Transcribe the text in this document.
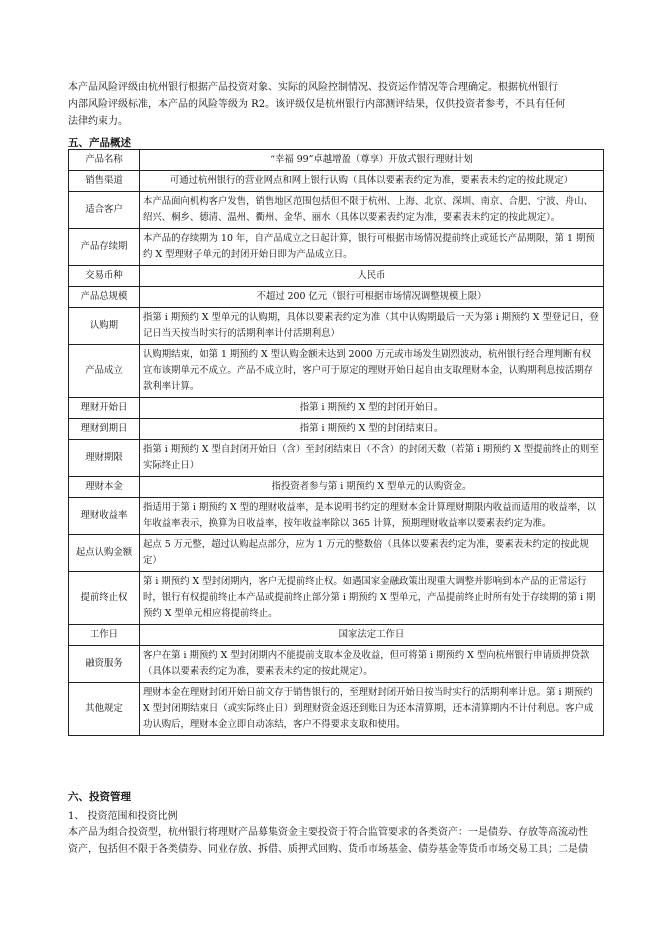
本产品风险评级由杭州银行根据产品投资对象、实际的风险控制情况、投资运作情况等合理确定。根据杭州银行

内部风险评级标准，本产品的风险等级为 R2。该评级仅是杭州银行内部测评结果，仅供投资者参考，不具有任何

法律约束力。

五、产品概述
产品名称	“幸福 99”卓越增盈（尊享）开放式银行理财计划
销售渠道	可通过杭州银行的营业网点和网上银行认购（具体以要素表约定为准，要素表未约定的按此规定）
适合客户	本产品面向机构客户发售，销售地区范围包括但不限于杭州、上海、北京、深圳、南京、合肥、宁波、舟山、绍兴、桐乡、德清、温州、衢州、金华、丽水（具体以要素表约定为准，要素表未约定的按此规定）。
产品存续期	本产品的存续期为 10 年，自产品成立之日起计算，银行可根据市场情况提前终止或延长产品期限，第 1 期预约 X 型理财子单元的封闭开始日即为产品成立日。
交易币种	人民币
产品总规模	不超过 200 亿元（银行可根据市场情况调整规模上限）
认购期	指第 i 期预约 X 型单元的认购期，具体以要素表约定为准（其中认购期最后一天为第 i 期预约 X 型登记日，登记日当天按当时实行的活期利率计付活期利息）
产品成立	认购期结束，如第 1 期预约 X 型认购金额未达到 2000 万元或市场发生剧烈波动，杭州银行经合理判断有权宣布该期单元不成立。产品不成立时，客户可于原定的理财开始日起自由支取理财本金，认购期利息按活期存款利率计算。
理财开始日	指第 i 期预约 X 型的封闭开始日。
理财到期日	指第 i 期预约 X 型的封闭结束日。
理财期限	指第 i 期预约 X 型自封闭开始日（含）至封闭结束日（不含）的封闭天数（若第 i 期预约 X 型提前终止的则至实际终止日）
理财本金	指投资者参与第 i 期预约 X 型单元的认购资金。
理财收益率	指适用于第 i 期预约 X 型的理财收益率，是本说明书约定的理财本金计算理财期限内收益而适用的收益率，以年收益率表示，换算为日收益率，按年收益率除以 365 计算，预期理财收益率以要素表约定为准。
起点认购金额	起点 5 万元整，超过认购起点部分，应为 1 万元的整数倍（具体以要素表约定为准，要素表未约定的按此规定）
提前终止权	第 i 期预约 X 型封闭期内，客户无提前终止权。如遇国家金融政策出现重大调整并影响到本产品的正常运行时，银行有权提前终止本产品或提前终止部分第 i 期预约 X 型单元，产品提前终止时所有处于存续期的第 i 期预约 X 型单元相应将提前终止。
工作日	国家法定工作日
融资服务	客户在第 i 期预约 X 型封闭期内不能提前支取本金及收益，但可将第 i 期预约 X 型向杭州银行申请质押贷款（具体以要素表约定为准，要素表未约定的按此规定）。
其他规定	理财本金在理财封闭开始日前文存于销售银行的，至理财封闭开始日按当时实行的活期利率计息。第 i 期预约 X 型封闭期结束日（或实际终止日）到理财资金返还到账日为还本清算期，还本清算期内不计付利息。客户成功认购后，理财本金立即自动冻结，客户不得要求支取和使用。
六、投资管理
1、 投资范围和投资比例

本产品为组合投资型，杭州银行将理财产品募集资金主要投资于符合监管要求的各类资产：一是债券、存放等高流动性

资产，包括但不限于各类债券、同业存放、拆借、质押式回购、货币市场基金、债券基金等货币市场交易工具；二是债
